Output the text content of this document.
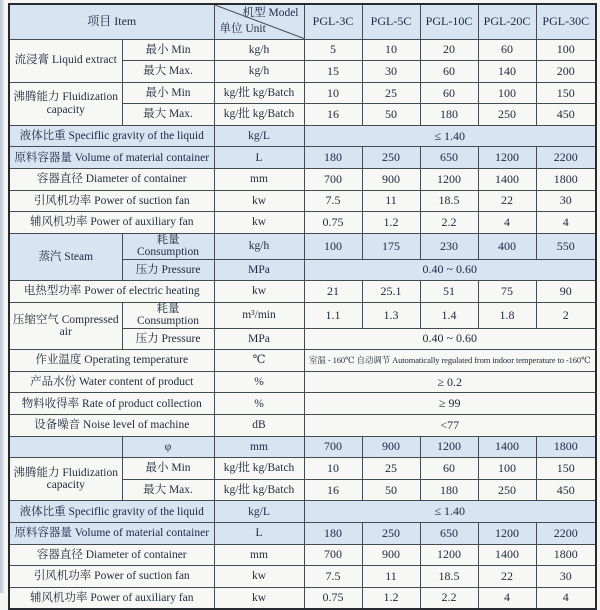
项目 Item		机型 Model
单位 Unit	PGL-3C	PGL-5C	PGL-10C	PGL-20C	PGL-30C
流浸膏 Liquid extract	最小 Min	kg/h	5	10	20	60	100
	最大 Max.	kg/h	15	30	60	140	200
沸腾能力 Fluidization capacity	最小 Min	kg/批 kg/Batch	10	25	60	100	150
	最大 Max.	kg/批 kg/Batch	16	50	180	250	450
液体比重 Speciflic gravity of the liquid		kg/L	≤ 1.40				
原料容器量 Volume of material container		L	180	250	650	1200	2200
容器直径 Diameter of container		mm	700	900	1200	1400	1800
引风机功率 Power of suction fan		kw	7.5	11	18.5	22	30
辅风机功率 Power of auxiliary fan		kw	0.75	1.2	2.2	4	4
蒸汽 Steam	耗量 Consumption	kg/h	100	175	230	400	550
	压力 Pressure	MPa	0.40 ~ 0.60				
电热型功率 Power of electric heating		kw	21	25.1	51	75	90
压缩空气 Compressed air	耗量 Consumption	m³/min	1.1	1.3	1.4	1.8	2
	压力 Pressure	MPa	0.40 ~ 0.60				
作业温度 Operating temperature		℃	室温 - 160℃ 自动调节 Automatically regulated from indoor temperature to -160℃				
产品水份 Water content of product		%	≥ 0.2				
物料收得率 Rate of product collection		%	≥ 99				
设备噪音 Noise level of machine		dB	<77				
	φ	mm	700	900	1200	1400	1800
沸腾能力 Fluidization capacity	最小 Min	kg/批 kg/Batch	10	25	60	100	150
	最大 Max.	kg/批 kg/Batch	16	50	180	250	450
液体比重 Speciflic gravity of the liquid		kg/L	≤ 1.40				
原料容器量 Volume of material container		L	180	250	650	1200	2200
容器直径 Diameter of container		mm	700	900	1200	1400	1800
引风机功率 Power of suction fan		kw	7.5	11	18.5	22	30
辅风机功率 Power of auxiliary fan		kw	0.75	1.2	2.2	4	4
